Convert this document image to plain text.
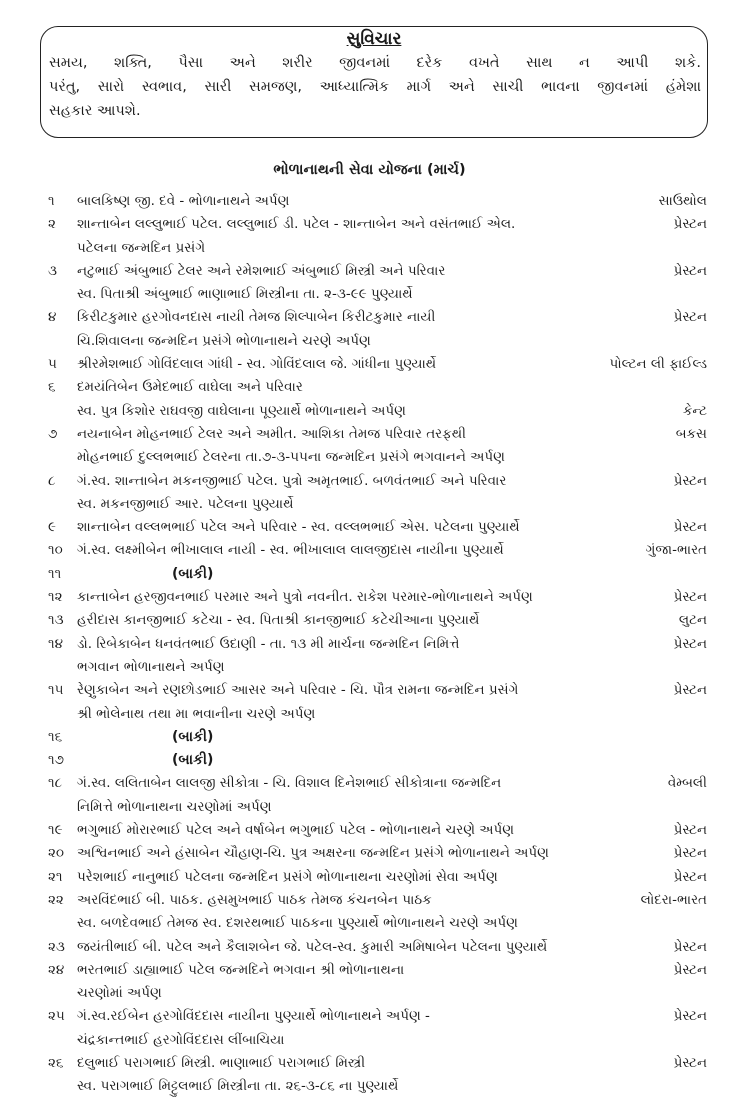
સુવિચાર
સમય, શક્તિ, પૈસા અને શરીર જીવનમાં દરેક વખતે સાથ ન આપી શકે.
પરંતુ, સારો સ્વભાવ, સારી સમજણ, આધ્યાત્મિક માર્ગ અને સાચી ભાવના જીવનમાં હંમેશા
સહકાર આપશે.
ભોળાનાથની સેવા યોજના (માર્ચ)
૧	બાલકિષ્ણ જી. દવે - ભોળાનાથને અર્પણ	સાઉથોલ
૨	શાન્તાબેન લલ્લુભાઈ પટેલ. લલ્લુભાઈ ડી. પટેલ - શાન્તાબેન અને વસંતભાઈ એલ.	પ્રેસ્ટન
પટેલના જન્મદિન પ્રસંગે
૩	નટુભાઈ અંબુભાઈ ટેલર અને રમેશભાઈ અંબુભાઈ મિસ્ત્રી અને પરિવાર	પ્રેસ્ટન
સ્વ. પિતાશ્રી અંબુભાઈ ભાણાભાઈ મિસ્ત્રીના તા. ૨-૩-૯૯ પુણ્યાર્થે
૪	કિરીટકુમાર હરગોવનદાસ નાયી તેમજ શિલ્પાબેન કિરીટકુમાર નાયી	પ્રેસ્ટન
ચિ.શિવાલના જન્મદિન પ્રસંગે ભોળાનાથને ચરણે અર્પણ
૫	શ્રીરમેશભાઈ ગોવિંદલાલ ગાંધી - સ્વ. ગોવિંદલાલ જે. ગાંધીના પુણ્યાર્થે	પોલ્ટન લી ફાઈલ્ડ
૬	દમયંતિબેન ઉમેદભાઈ વાઘેલા અને પરિવાર
સ્વ. પુત્ર કિશોર રાઘવજી વાઘેલાના પૂણ્યાર્થે ભોળાનાથને અર્પણ	કેન્ટ
૭	નયનાબેન મોહનભાઈ ટેલર અને અમીત. આશિકા તેમજ પરિવાર તરફથી	બકસ
મોહનભાઈ દુલ્લભભાઈ ટેલરના તા.૭-૩-૫૫ના જન્મદિન પ્રસંગે ભગવાનને અર્પણ
૮	ગં.સ્વ. શાન્તાબેન મકનજીભાઈ પટેલ. પુત્રો અમૃતભાઈ. બળવંતભાઈ અને પરિવાર	પ્રેસ્ટન
સ્વ. મકનજીભાઈ આર. પટેલના પુણ્યાર્થે
૯	શાન્તાબેન વલ્લભભાઈ પટેલ અને પરિવાર - સ્વ. વલ્લભભાઈ એસ. પટેલના પુણ્યાર્થે	પ્રેસ્ટન
૧૦	ગં.સ્વ. લક્ષ્મીબેન ભીખાલાલ નાયી - સ્વ. ભીખાલાલ લાલજીદાસ નાયીના પુણ્યાર્થે	ગુંજા-ભારત
૧૧	(બાકી)
૧૨	કાન્તાબેન હરજીવનભાઈ પરમાર અને પુત્રો નવનીત. રાકેશ પરમાર-ભોળાનાથને અર્પણ	પ્રેસ્ટન
૧૩ હરીદાસ કાનજીભાઈ કટેચા - સ્વ. પિતાશ્રી કાનજીભાઈ કટેચીઆના પુણ્યાર્થે	લુટન
૧૪	ડો. રિબેકાબેન ધનવંતભાઈ ઉદાણી - તા. ૧૩ મી માર્ચના જન્મદિન નિમિત્તે	પ્રેસ્ટન
ભગવાન ભોળાનાથને અર્પણ
૧૫	રેણુકાબેન અને રણછોડભાઈ આસર અને પરિવાર - ચિ. પૌત્ર રામના જન્મદિન પ્રસંગે	પ્રેસ્ટન
શ્રી ભોલેનાથ તથા મા ભવાનીના ચરણે અર્પણ
૧૬	(બાકી)
૧૭	(બાકી)
૧૮	ગં.સ્વ. લલિતાબેન લાલજી સીકોત્રા - ચિ. વિશાલ દિનેશભાઈ સીકોત્રાના જન્મદિન	વેમ્બલી
નિમિત્તે ભોળાનાથના ચરણોમાં અર્પણ
૧૯	ભગુભાઈ મોરારભાઈ પટેલ અને વર્ષાબેન ભગુભાઈ પટેલ - ભોળાનાથને ચરણે અર્પણ	પ્રેસ્ટન
૨૦ અશ્વિનભાઈ અને હંસાબેન ચૌહાણ-ચિ. પુત્ર અક્ષરના જન્મદિન પ્રસંગે ભોળાનાથને અર્પણ	પ્રેસ્ટન
૨૧	પરેશભાઈ નાનુભાઈ પટેલના જન્મદિન પ્રસંગે ભોળાનાથના ચરણોમાં સેવા અર્પણ	પ્રેસ્ટન
૨૨ અરવિંદભાઈ બી. પાઠક. હસમુખભાઈ પાઠક તેમજ કંચનબેન પાઠક	લોદરા-ભારત
સ્વ. બળદેવભાઈ તેમજ સ્વ. દશરથભાઈ પાઠકના પુણ્યાર્થે ભોળાનાથને ચરણે અર્પણ
૨૩ જયંતીભાઈ બી. પટેલ અને કૈલાશબેન જે. પટેલ-સ્વ. કુમારી અમિષાબેન પટેલના પુણ્યાર્થે	પ્રેસ્ટન
૨૪ ભરતભાઈ ડાહ્યાભાઈ પટેલ જન્મદિને ભગવાન શ્રી ભોળાનાથના	પ્રેસ્ટન
ચરણોમાં અર્પણ
૨૫ ગં.સ્વ.રઈબેન હરગોવિંદદાસ નાયીના પુણ્યાર્થે ભોળાનાથને અર્પણ -	પ્રેસ્ટન
ચંદ્રકાન્તભાઈ હરગોવિંદદાસ લીંબાચિયા
૨૬	દલુભાઈ પરાગભાઈ મિસ્ત્રી. ભાણાભાઈ પરાગભાઈ મિસ્ત્રી	પ્રેસ્ટન
સ્વ. પરાગભાઈ મિટ્ટુલભાઈ મિસ્ત્રીના તા. ૨૬-૩-૮૬ ના પુણ્યાર્થે
